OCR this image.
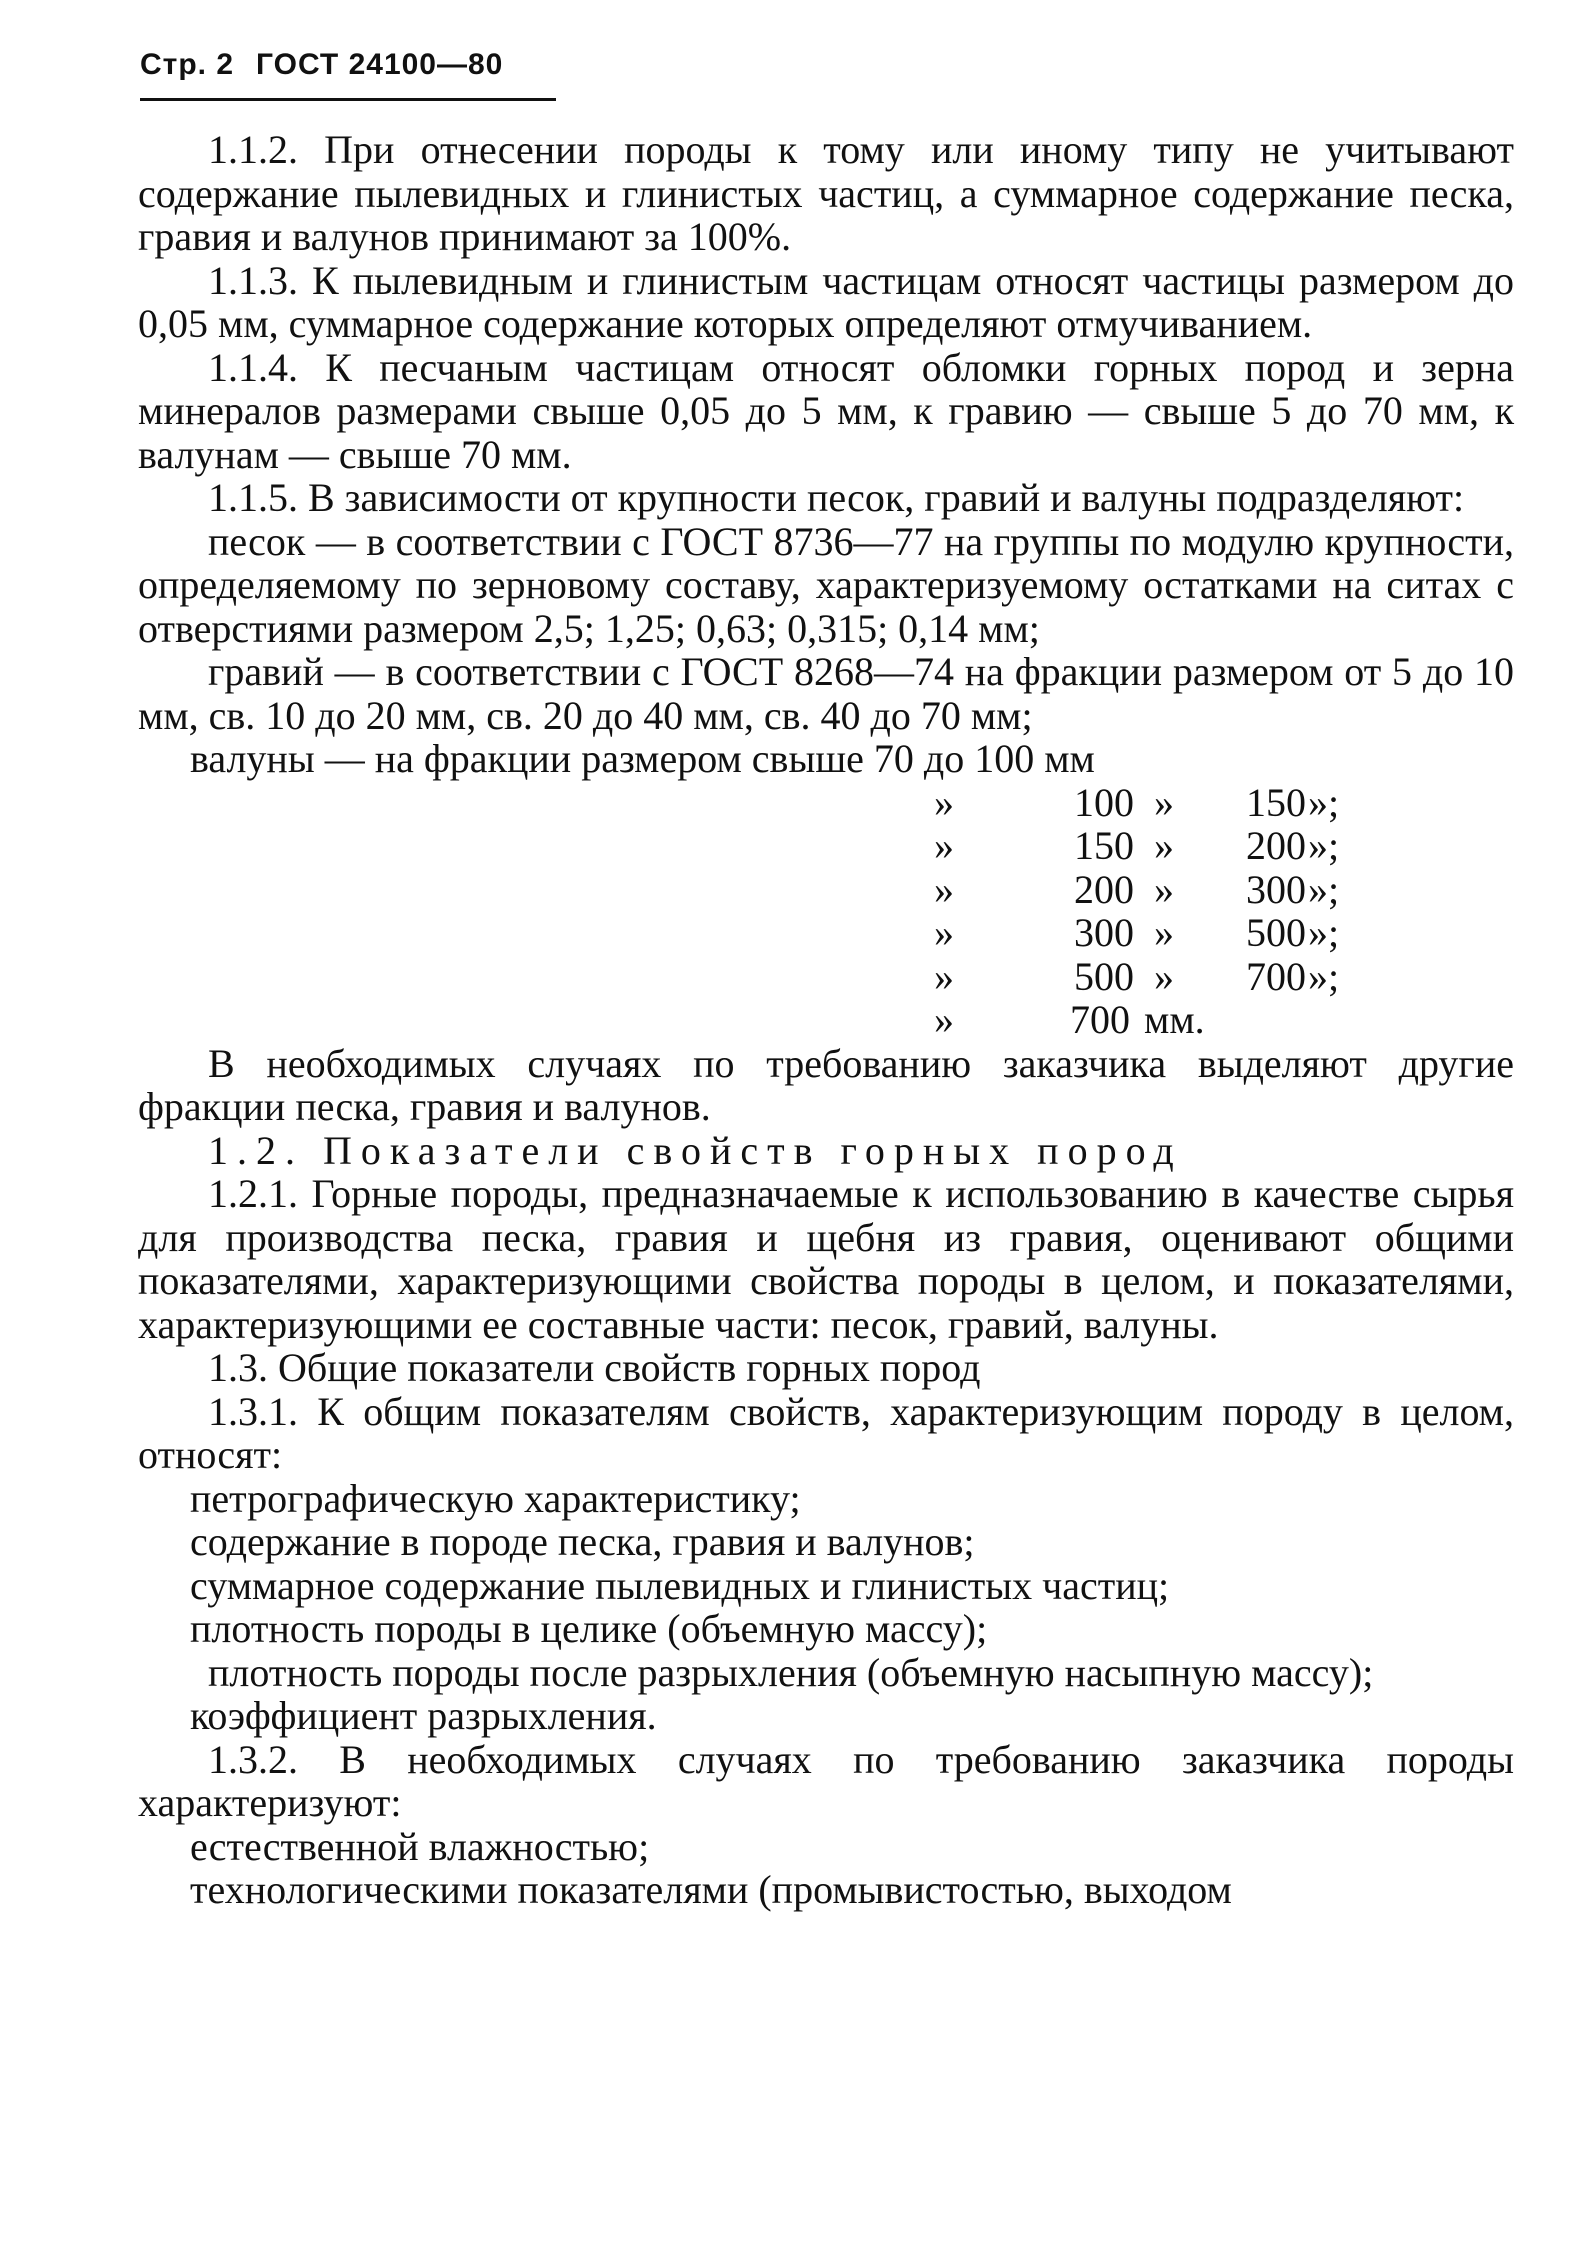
Стр. 2 ГОСТ 24100—80

1.1.2. При отнесении породы к тому или иному типу не учитывают содержание пылевидных и глинистых частиц, а суммарное содержание песка, гравия и валунов принимают за 100%.

1.1.3. К пылевидным и глинистым частицам относят частицы размером до 0,05 мм, суммарное содержание которых определяют отмучиванием.

1.1.4. К песчаным частицам относят обломки горных пород и зерна минералов размерами свыше 0,05 до 5 мм, к гравию — свыше 5 до 70 мм, к валунам — свыше 70 мм.

1.1.5. В зависимости от крупности песок, гравий и валуны подразделяют:

песок — в соответствии с ГОСТ 8736—77 на группы по модулю крупности, определяемому по зерновому составу, характеризуемому остатками на ситах с отверстиями размером 2,5; 1,25; 0,63; 0,315; 0,14 мм;

гравий — в соответствии с ГОСТ 8268—74 на фракции размером от 5 до 10 мм, св. 10 до 20 мм, св. 20 до 40 мм, св. 40 до 70 мм;

валуны — на фракции размером свыше 70 до 100 мм

»	100 »	150 »;
»	150 »	200 »;
»	200 »	300 »;
»	300 »	500 »;
»	500 »	700 »;
»	700 мм.

В необходимых случаях по требованию заказчика выделяют другие фракции песка, гравия и валунов.

1.2. Показатели свойств горных пород

1.2.1. Горные породы, предназначаемые к использованию в качестве сырья для производства песка, гравия и щебня из гравия, оценивают общими показателями, характеризующими свойства породы в целом, и показателями, характеризующими ее составные части: песок, гравий, валуны.

1.3. Общие показатели свойств горных пород

1.3.1. К общим показателям свойств, характеризующим породу в целом, относят:

петрографическую характеристику;

содержание в породе песка, гравия и валунов;

суммарное содержание пылевидных и глинистых частиц;

плотность породы в целике (объемную массу);

плотность породы после разрыхления (объемную насыпную массу);

коэффициент разрыхления.

1.3.2. В необходимых случаях по требованию заказчика породы характеризуют:

естественной влажностью;

технологическими показателями (промывистостью, выходом
